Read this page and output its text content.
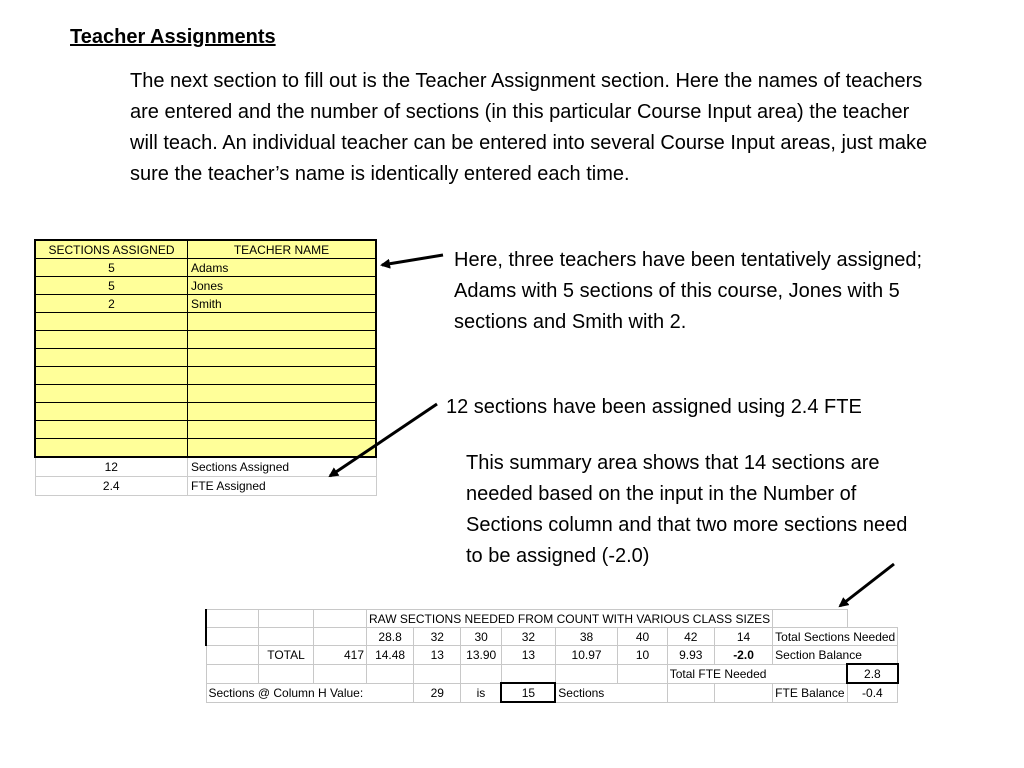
Teacher Assignments
The next section to fill out is the Teacher Assignment section. Here the names of teachers are entered and the number of sections (in this particular Course Input area) the teacher will teach. An individual teacher can be entered into several Course Input areas, just make sure the teacher’s name is identically entered each time.
SECTIONS ASSIGNED	TEACHER NAME
5	Adams
5	Jones
2	Smith

12	Sections Assigned
2.4	FTE Assigned
Here, three teachers have been tentatively assigned; Adams with 5 sections of this course, Jones with 5 sections and Smith with 2.
12 sections have been assigned using 2.4 FTE
This summary area shows that 14 sections are needed based on the input in the Number of Sections column and that two more sections need to be assigned (-2.0)
			RAW SECTIONS NEEDED FROM COUNT WITH VARIOUS CLASS SIZES									
			28.8	32	30	32	38	40	42	14	Total Sections Needed	
	TOTAL	417	14.48	13	13.90	13	10.97	10	9.93	-2.0	Section Balance	
									Total FTE Needed			2.8
Sections @ Column H Value:				29	is	15	Sections				FTE Balance	-0.4
